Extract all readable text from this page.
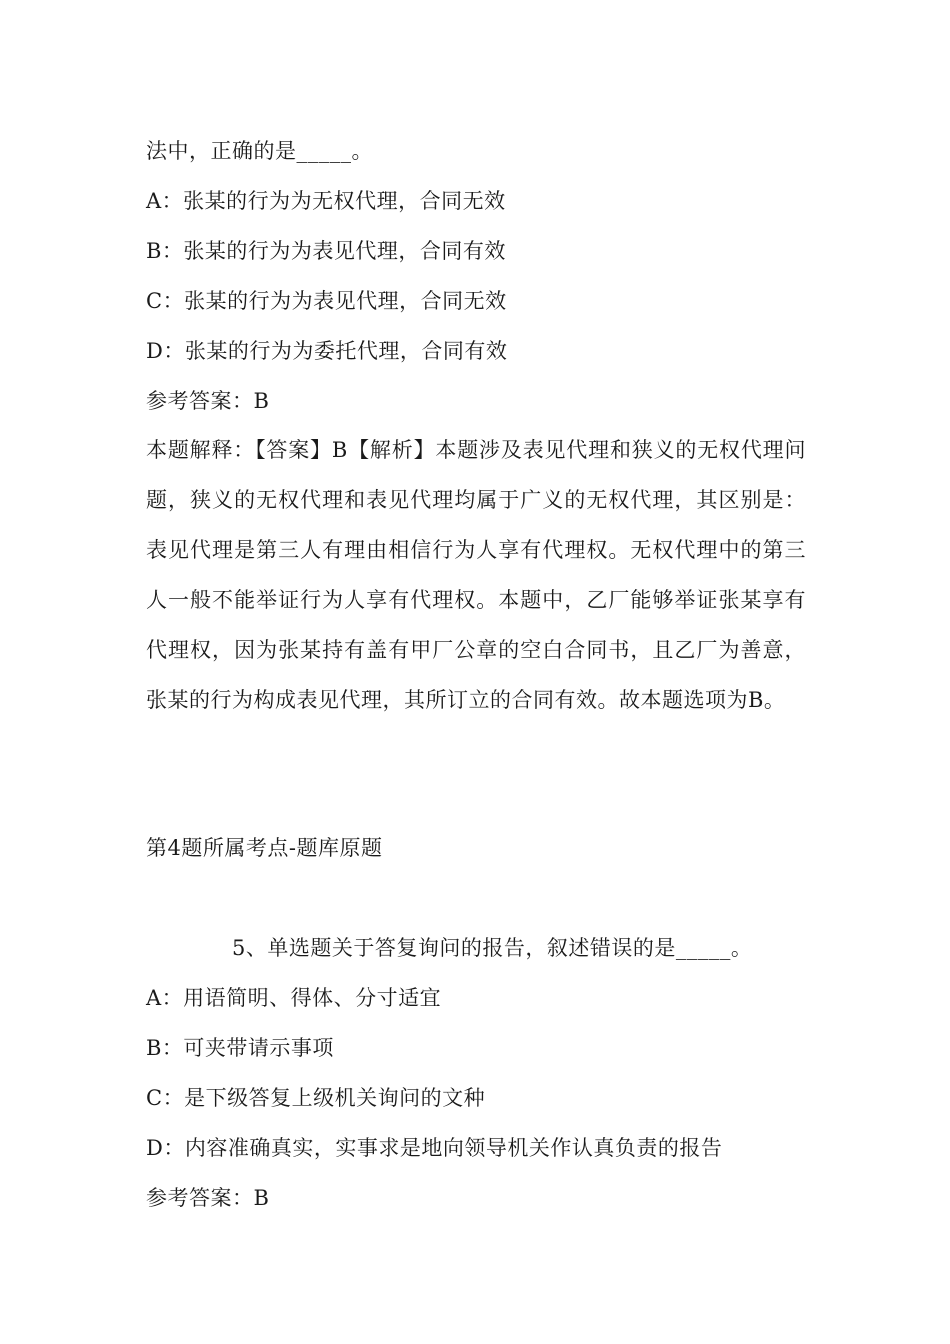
法中，正确的是_____。
A：张某的行为为无权代理，合同无效
B：张某的行为为表见代理，合同有效
C：张某的行为为表见代理，合同无效
D：张某的行为为委托代理，合同有效
参考答案：B
本题解释：【答案】B【解析】本题涉及表见代理和狭义的无权代理问题，狭义的无权代理和表见代理均属于广义的无权代理，其区别是：表见代理是第三人有理由相信行为人享有代理权。无权代理中的第三人一般不能举证行为人享有代理权。本题中，乙厂能够举证张某享有代理权，因为张某持有盖有甲厂公章的空白合同书，且乙厂为善意，张某的行为构成表见代理，其所订立的合同有效。故本题选项为B。
第4题所属考点-题库原题
5、单选题关于答复询问的报告，叙述错误的是_____。
A：用语简明、得体、分寸适宜
B：可夹带请示事项
C：是下级答复上级机关询问的文种
D：内容准确真实，实事求是地向领导机关作认真负责的报告
参考答案：B
